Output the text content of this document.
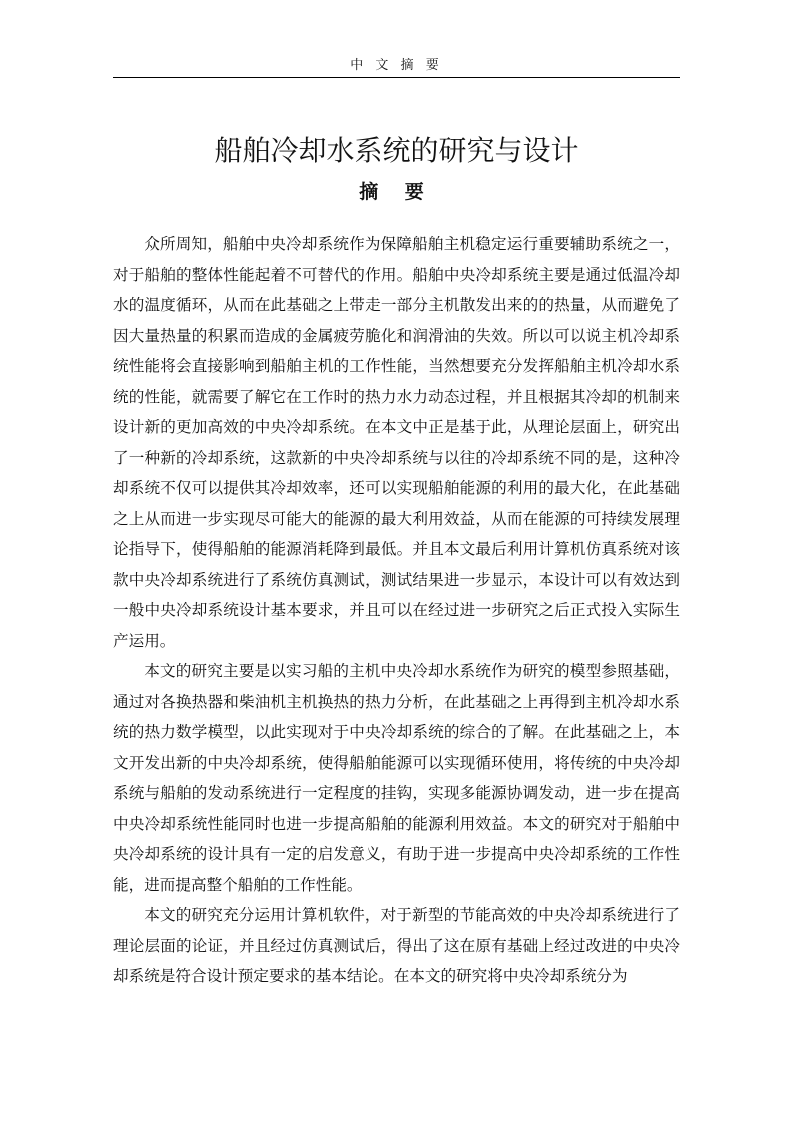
中 文 摘 要
船舶冷却水系统的研究与设计
摘 要

众所周知，船舶中央冷却系统作为保障船舶主机稳定运行重要辅助系统之一，对于船舶的整体性能起着不可替代的作用。船舶中央冷却系统主要是通过低温冷却水的温度循环，从而在此基础之上带走一部分主机散发出来的的热量，从而避免了因大量热量的积累而造成的金属疲劳脆化和润滑油的失效。所以可以说主机冷却系统性能将会直接影响到船舶主机的工作性能，当然想要充分发挥船舶主机冷却水系统的性能，就需要了解它在工作时的热力水力动态过程，并且根据其冷却的机制来设计新的更加高效的中央冷却系统。在本文中正是基于此，从理论层面上，研究出了一种新的冷却系统，这款新的中央冷却系统与以往的冷却系统不同的是，这种冷却系统不仅可以提供其冷却效率，还可以实现船舶能源的利用的最大化，在此基础之上从而进一步实现尽可能大的能源的最大利用效益，从而在能源的可持续发展理论指导下，使得船舶的能源消耗降到最低。并且本文最后利用计算机仿真系统对该款中央冷却系统进行了系统仿真测试，测试结果进一步显示，本设计可以有效达到一般中央冷却系统设计基本要求，并且可以在经过进一步研究之后正式投入实际生产运用。

本文的研究主要是以实习船的主机中央冷却水系统作为研究的模型参照基础，通过对各换热器和柴油机主机换热的热力分析，在此基础之上再得到主机冷却水系统的热力数学模型，以此实现对于中央冷却系统的综合的了解。在此基础之上，本文开发出新的中央冷却系统，使得船舶能源可以实现循环使用，将传统的中央冷却系统与船舶的发动系统进行一定程度的挂钩，实现多能源协调发动，进一步在提高中央冷却系统性能同时也进一步提高船舶的能源利用效益。本文的研究对于船舶中央冷却系统的设计具有一定的启发意义，有助于进一步提高中央冷却系统的工作性能，进而提高整个船舶的工作性能。

本文的研究充分运用计算机软件，对于新型的节能高效的中央冷却系统进行了理论层面的论证，并且经过仿真测试后，得出了这在原有基础上经过改进的中央冷却系统是符合设计预定要求的基本结论。在本文的研究将中央冷却系统分为
